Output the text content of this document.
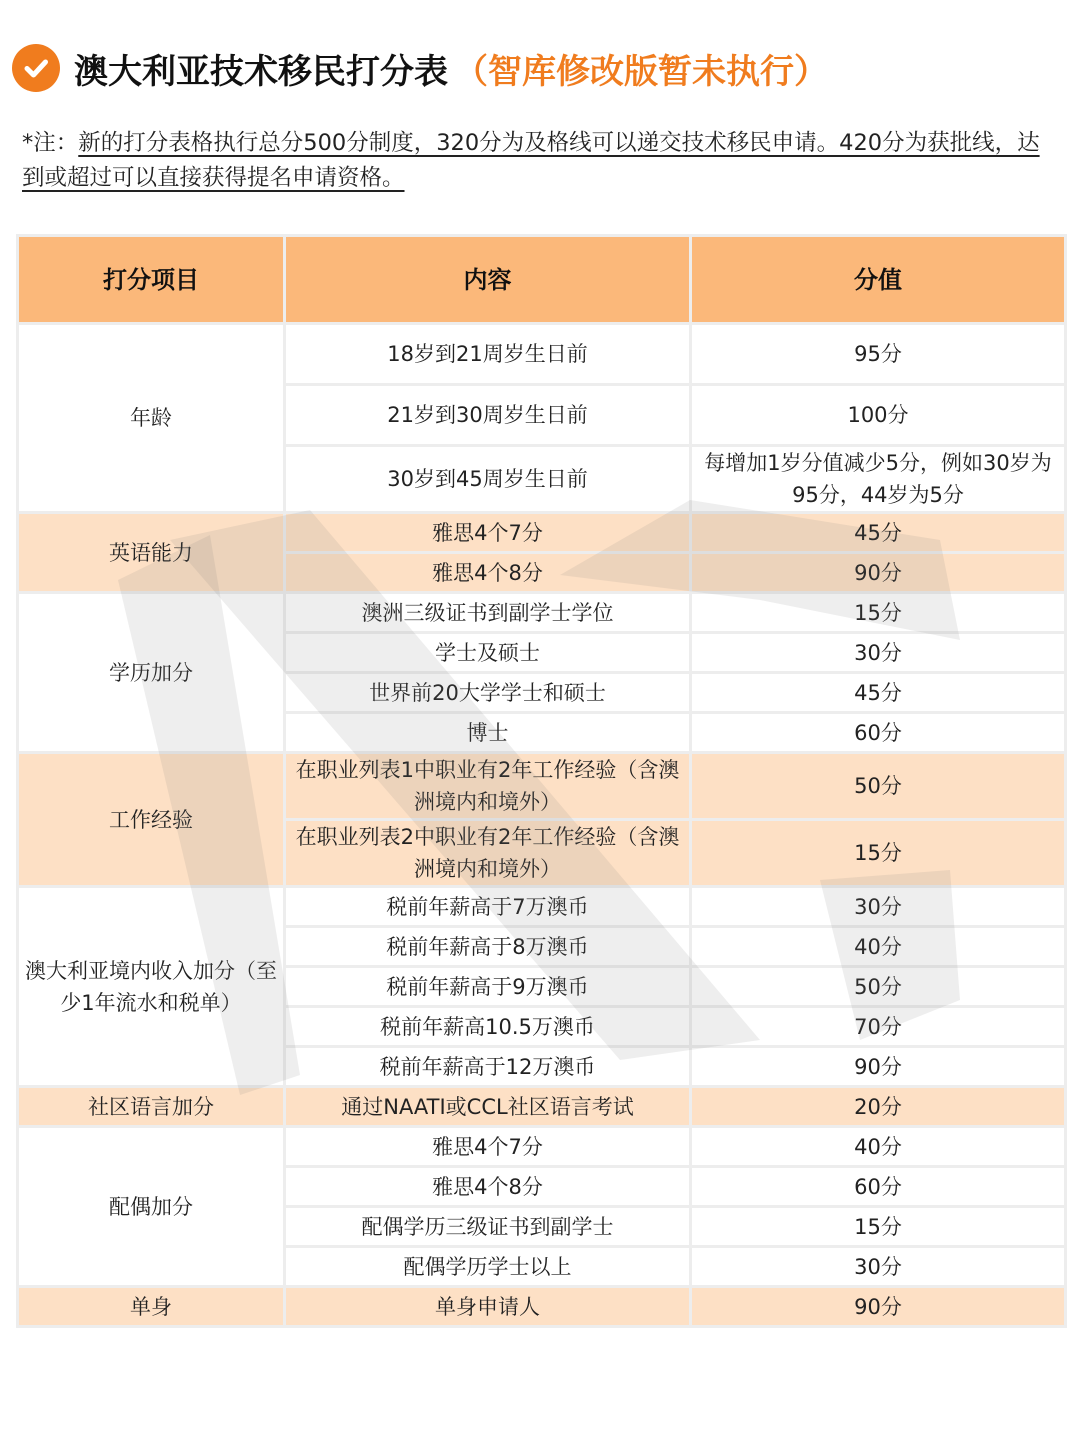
澳大利亚技术移民打分表 （智库修改版暂未执行）

*注：新的打分表格执行总分500分制度，320分为及格线可以递交技术移民申请。420分为获批线，达到或超过可以直接获得提名申请资格。

打分项目	内容	分值
年龄	18岁到21周岁生日前	95分
	21岁到30周岁生日前	100分
	30岁到45周岁生日前	每增加1岁分值减少5分，例如30岁为95分，44岁为5分
英语能力	雅思4个7分	45分
	雅思4个8分	90分
学历加分	澳洲三级证书到副学士学位	15分
	学士及硕士	30分
	世界前20大学学士和硕士	45分
	博士	60分
工作经验	在职业列表1中职业有2年工作经验（含澳洲境内和境外）	50分
	在职业列表2中职业有2年工作经验（含澳洲境内和境外）	15分
澳大利亚境内收入加分（至少1年流水和税单）	税前年薪高于7万澳币	30分
	税前年薪高于8万澳币	40分
	税前年薪高于9万澳币	50分
	税前年薪高10.5万澳币	70分
	税前年薪高于12万澳币	90分
社区语言加分	通过NAATI或CCL社区语言考试	20分
配偶加分	雅思4个7分	40分
	雅思4个8分	60分
	配偶学历三级证书到副学士	15分
	配偶学历学士以上	30分
单身	单身申请人	90分
